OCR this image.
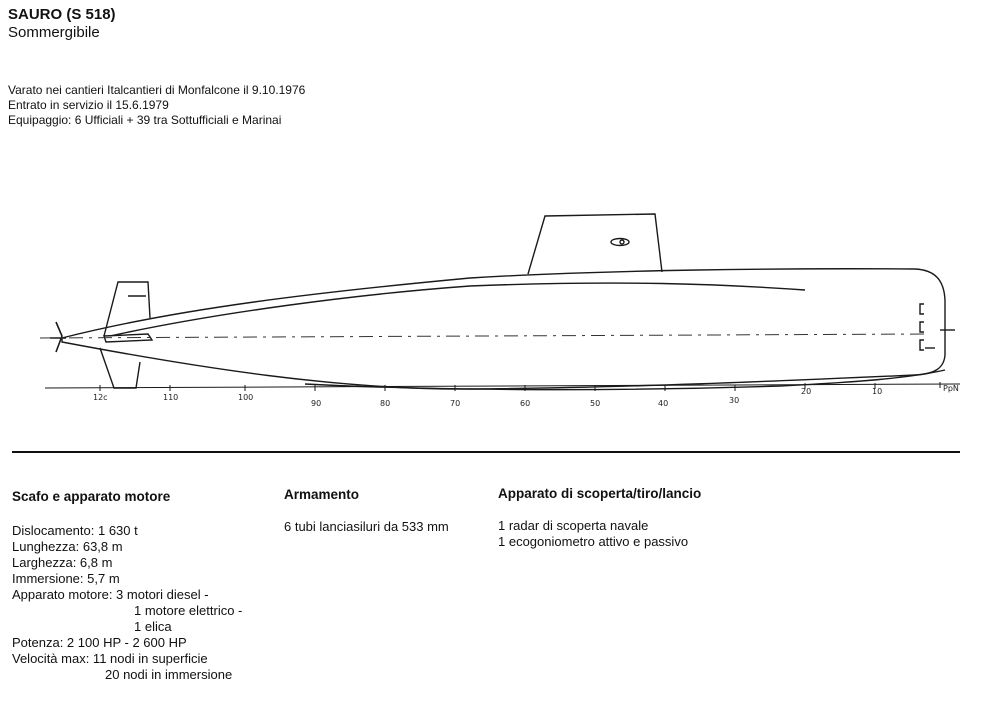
SAURO (S 518)
Sommergibile
Varato nei cantieri Italcantieri di Monfalcone il 9.10.1976
Entrato in servizio il 15.6.1979
Equipaggio: 6 Ufficiali + 39 tra Sottufficiali e Marinai
12c	110	100
90	80	70	60	50	40	30
20	10	PpN
Scafo e apparato motore	Armamento	Apparato di scoperta/tiro/lancio
Dislocamento: 1 630 t
Lunghezza: 63,8 m
Larghezza: 6,8 m
Immersione: 5,7 m
Apparato motore: 3 motori diesel -
1 motore elettrico -
1 elica
Potenza: 2 100 HP - 2 600 HP
Velocità max: 11 nodi in superficie
20 nodi in immersione
6 tubi lanciasiluri da 533 mm	1 radar di scoperta navale
1 ecogoniometro attivo e passivo
